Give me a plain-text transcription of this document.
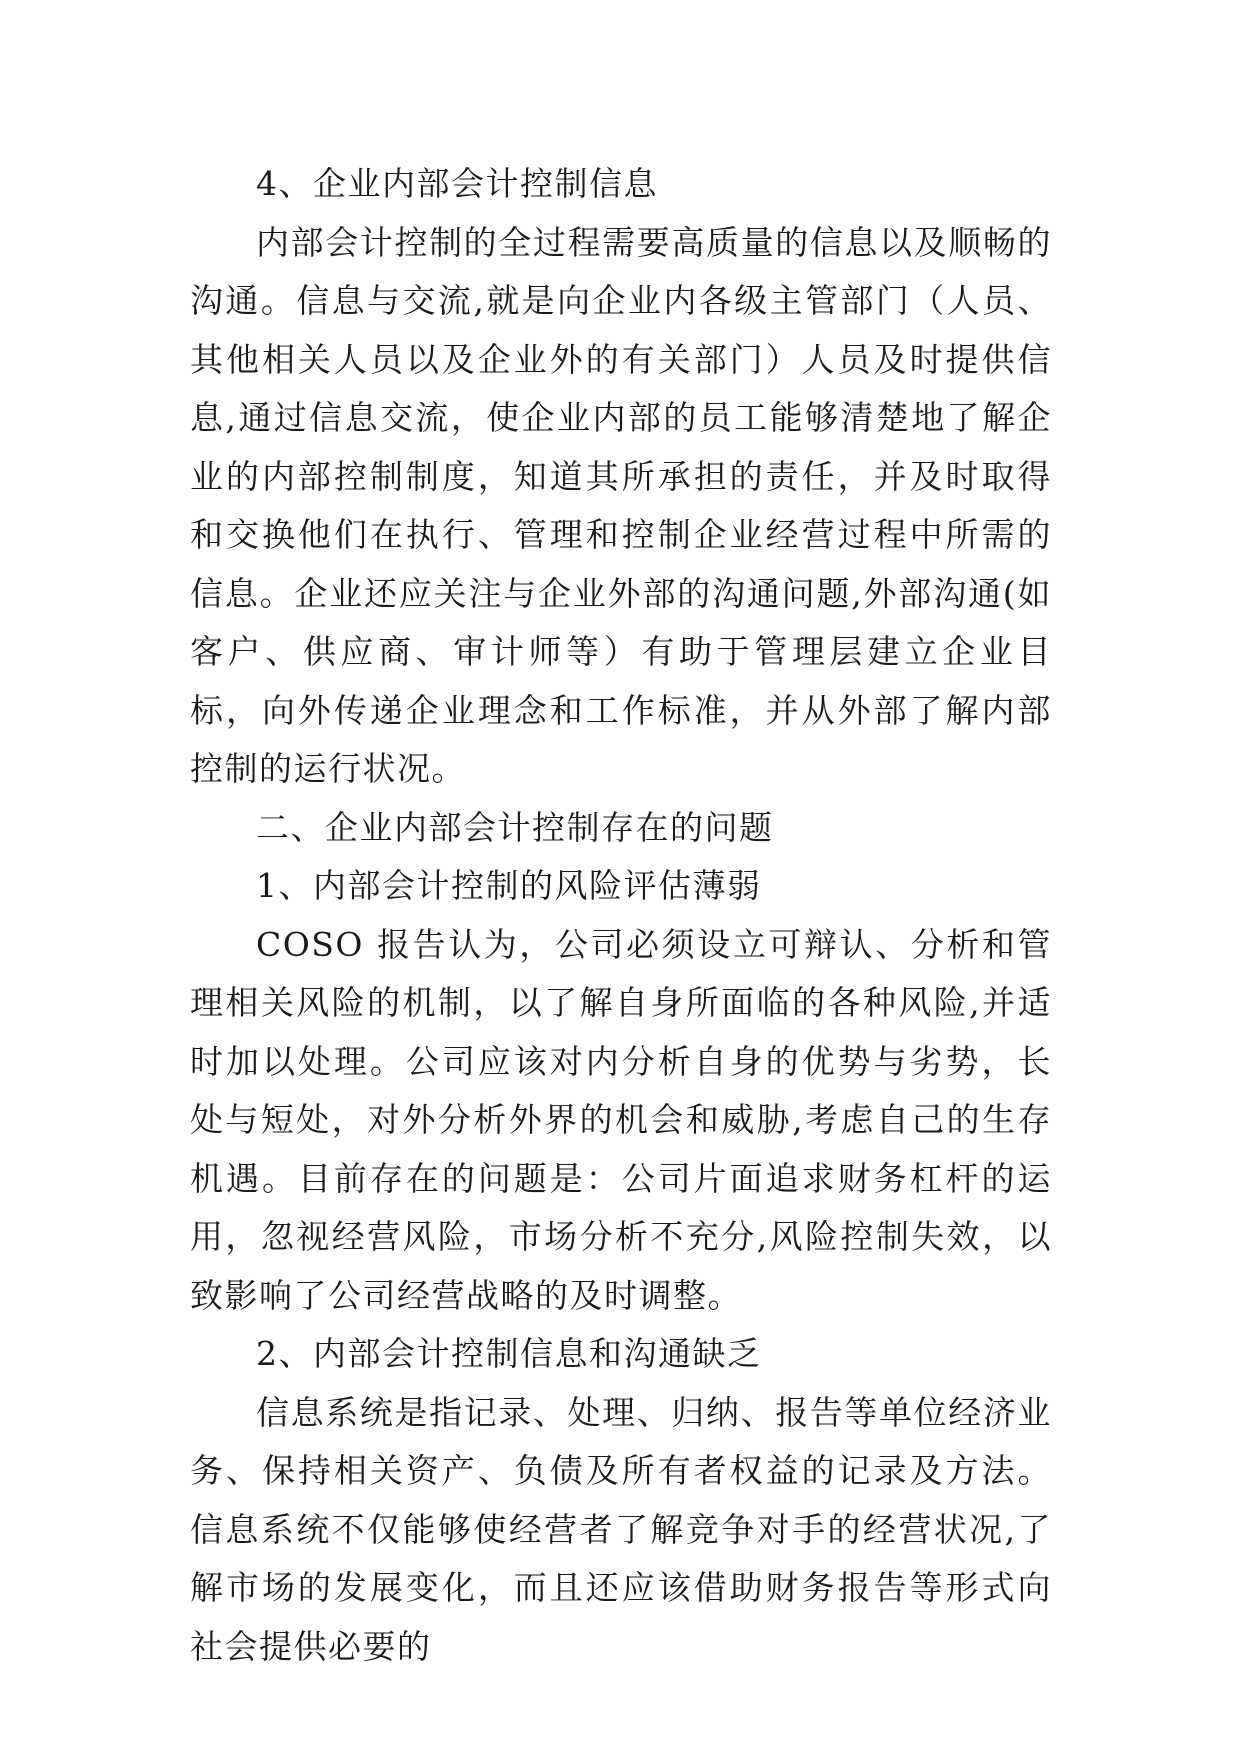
4、企业内部会计控制信息

内部会计控制的全过程需要高质量的信息以及顺畅的沟通。信息与交流,就是向企业内各级主管部门（人员、其他相关人员以及企业外的有关部门）人员及时提供信息,通过信息交流，使企业内部的员工能够清楚地了解企业的内部控制制度，知道其所承担的责任，并及时取得和交换他们在执行、管理和控制企业经营过程中所需的信息。企业还应关注与企业外部的沟通问题,外部沟通(如客户、供应商、审计师等）有助于管理层建立企业目标，向外传递企业理念和工作标准，并从外部了解内部控制的运行状况。

二、企业内部会计控制存在的问题

1、内部会计控制的风险评估薄弱

COSO 报告认为，公司必须设立可辩认、分析和管理相关风险的机制，以了解自身所面临的各种风险,并适时加以处理。公司应该对内分析自身的优势与劣势，长处与短处，对外分析外界的机会和威胁,考虑自己的生存机遇。目前存在的问题是：公司片面追求财务杠杆的运用，忽视经营风险，市场分析不充分,风险控制失效，以致影响了公司经营战略的及时调整。

2、内部会计控制信息和沟通缺乏

信息系统是指记录、处理、归纳、报告等单位经济业务、保持相关资产、负债及所有者权益的记录及方法。信息系统不仅能够使经营者了解竞争对手的经营状况,了解市场的发展变化，而且还应该借助财务报告等形式向社会提供必要的
